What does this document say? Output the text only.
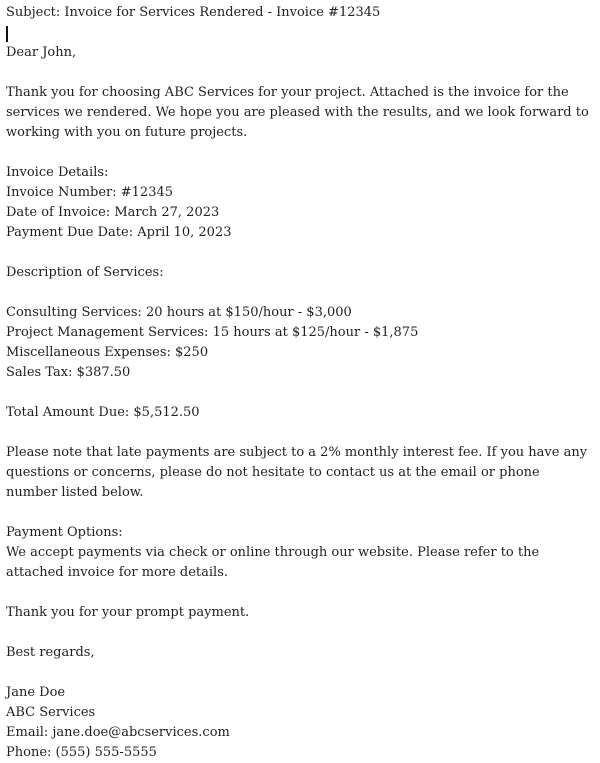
Subject: Invoice for Services Rendered - Invoice #12345
Dear John,

Thank you for choosing ABC Services for your project. Attached is the invoice for the services we rendered. We hope you are pleased with the results, and we look forward to working with you on future projects.

Invoice Details:
Invoice Number: #12345
Date of Invoice: March 27, 2023
Payment Due Date: April 10, 2023
Description of Services:
Consulting Services: 20 hours at $150/hour - $3,000
Project Management Services: 15 hours at $125/hour - $1,875
Miscellaneous Expenses: $250
Sales Tax: $387.50
Total Amount Due: $5,512.50

Please note that late payments are subject to a 2% monthly interest fee. If you have any questions or concerns, please do not hesitate to contact us at the email or phone number listed below.

Payment Options:

We accept payments via check or online through our website. Please refer to the attached invoice for more details.

Thank you for your prompt payment.
Best regards,
Jane Doe
ABC Services
Email: jane.doe@abcservices.com
Phone: (555) 555-5555
